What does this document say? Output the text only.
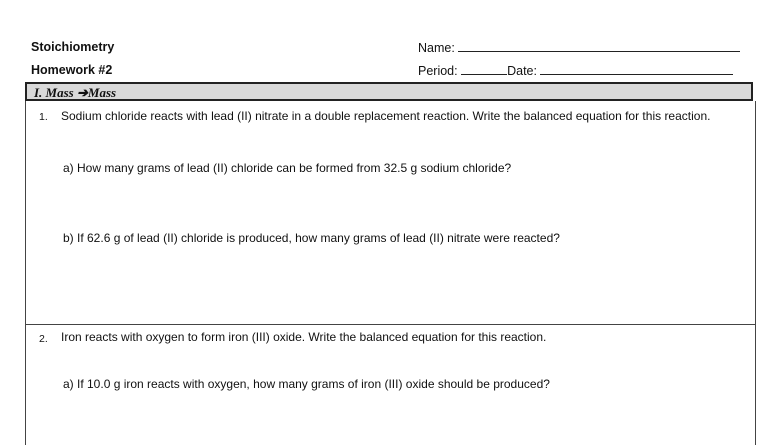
Stoichiometry
Homework #2
Name:
Period:	Date:
I. Mass ➔Mass
1. Sodium chloride reacts with lead (II) nitrate in a double replacement reaction. Write the balanced equation for this reaction.
a) How many grams of lead (II) chloride can be formed from 32.5 g sodium chloride?
b) If 62.6 g of lead (II) chloride is produced, how many grams of lead (II) nitrate were reacted?
2. Iron reacts with oxygen to form iron (III) oxide. Write the balanced equation for this reaction.
a) If 10.0 g iron reacts with oxygen, how many grams of iron (III) oxide should be produced?
